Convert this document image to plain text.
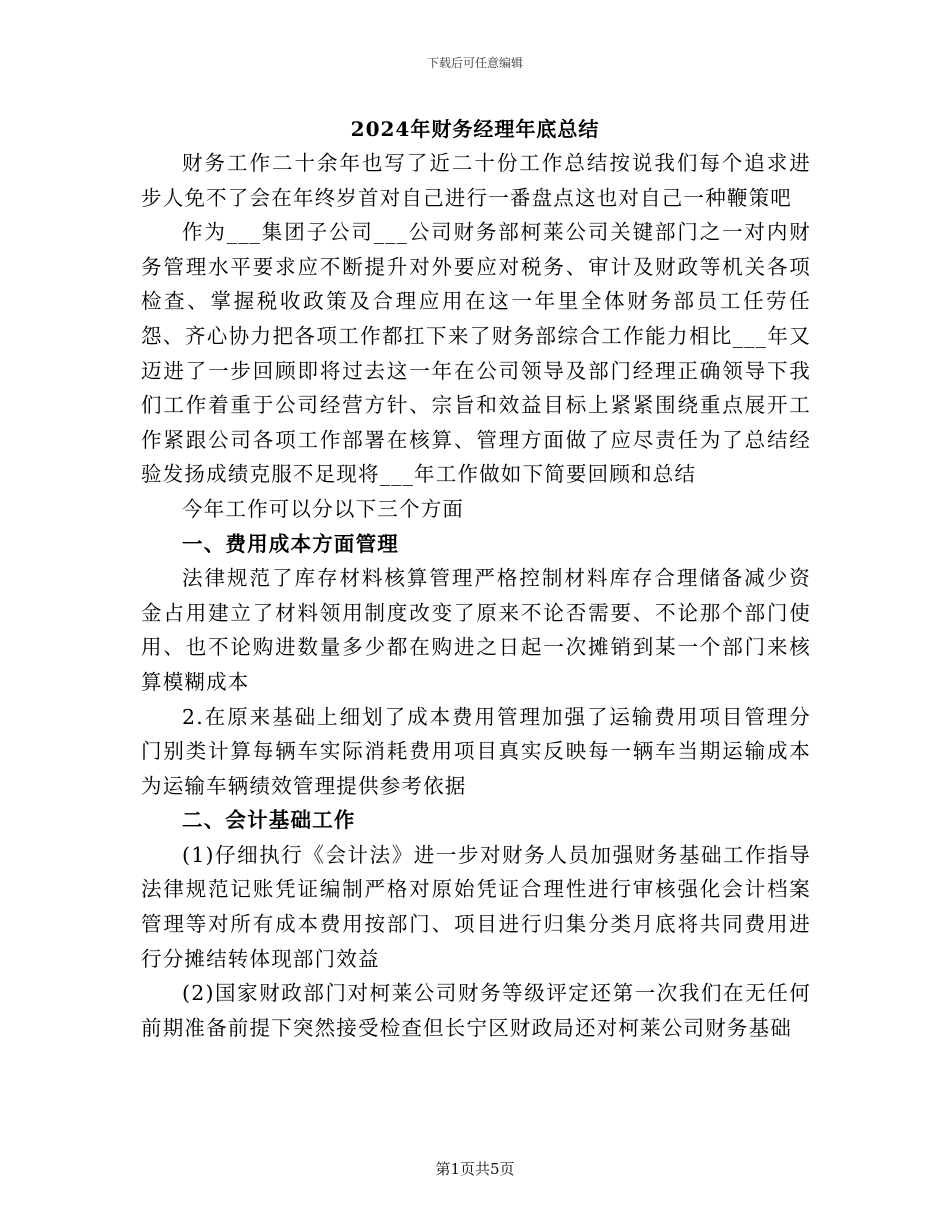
下载后可任意编辑
2024年财务经理年底总结

财务工作二十余年也写了近二十份工作总结按说我们每个追求进步人免不了会在年终岁首对自己进行一番盘点这也对自己一种鞭策吧

作为___集团子公司___公司财务部柯莱公司关键部门之一对内财务管理水平要求应不断提升对外要应对税务、审计及财政等机关各项检查、掌握税收政策及合理应用在这一年里全体财务部员工任劳任怨、齐心协力把各项工作都扛下来了财务部综合工作能力相比___年又迈进了一步回顾即将过去这一年在公司领导及部门经理正确领导下我们工作着重于公司经营方针、宗旨和效益目标上紧紧围绕重点展开工作紧跟公司各项工作部署在核算、管理方面做了应尽责任为了总结经验发扬成绩克服不足现将___年工作做如下简要回顾和总结

今年工作可以分以下三个方面

一、费用成本方面管理

法律规范了库存材料核算管理严格控制材料库存合理储备减少资金占用建立了材料领用制度改变了原来不论否需要、不论那个部门使用、也不论购进数量多少都在购进之日起一次摊销到某一个部门来核算模糊成本

2.在原来基础上细划了成本费用管理加强了运输费用项目管理分门别类计算每辆车实际消耗费用项目真实反映每一辆车当期运输成本为运输车辆绩效管理提供参考依据

二、会计基础工作

(1)仔细执行《会计法》进一步对财务人员加强财务基础工作指导法律规范记账凭证编制严格对原始凭证合理性进行审核强化会计档案管理等对所有成本费用按部门、项目进行归集分类月底将共同费用进行分摊结转体现部门效益

(2)国家财政部门对柯莱公司财务等级评定还第一次我们在无任何前期准备前提下突然接受检查但长宁区财政局还对柯莱公司财务基础

第1页共5页
